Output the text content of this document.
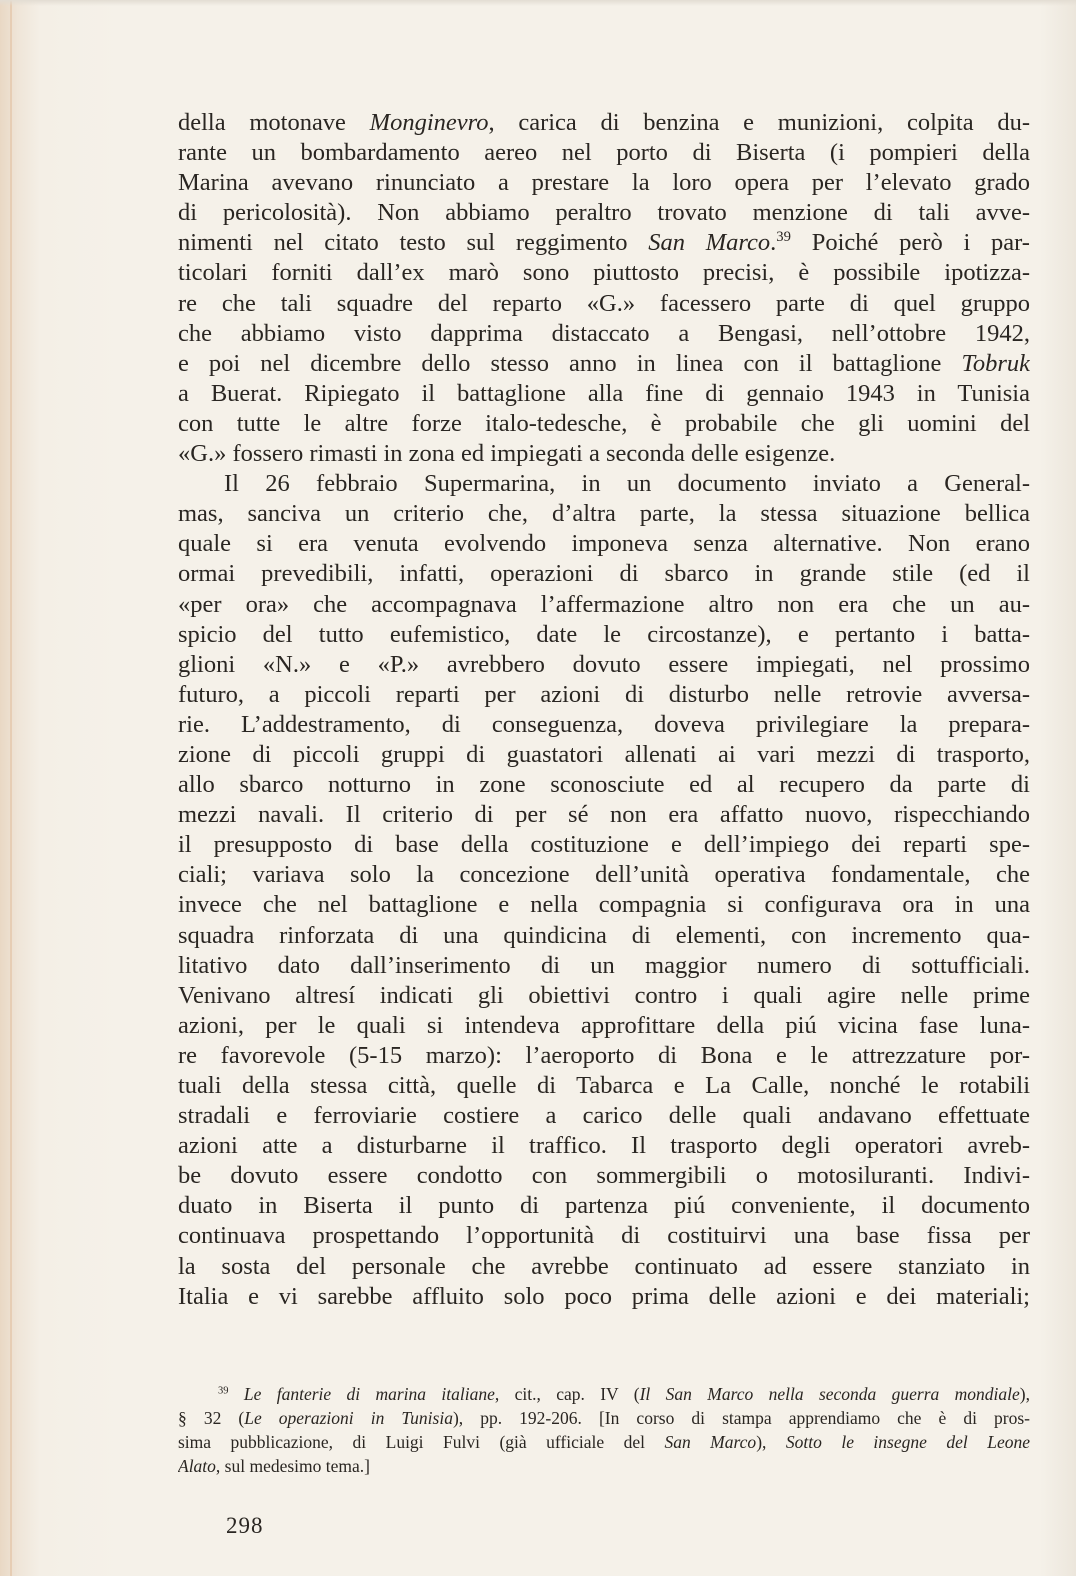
della motonave Monginevro, carica di benzina e munizioni, colpita du-
rante un bombardamento aereo nel porto di Biserta (i pompieri della
Marina avevano rinunciato a prestare la loro opera per l’elevato grado
di pericolosità). Non abbiamo peraltro trovato menzione di tali avve-
nimenti nel citato testo sul reggimento San Marco.$^{39}$ Poiché però i par-
ticolari forniti dall’ex marò sono piuttosto precisi, è possibile ipotizza-
re che tali squadre del reparto «G.» facessero parte di quel gruppo
che abbiamo visto dapprima distaccato a Bengasi, nell’ottobre 1942,
e poi nel dicembre dello stesso anno in linea con il battaglione Tobruk
a Buerat. Ripiegato il battaglione alla fine di gennaio 1943 in Tunisia
con tutte le altre forze italo-tedesche, è probabile che gli uomini del
«G.» fossero rimasti in zona ed impiegati a seconda delle esigenze.
Il 26 febbraio Supermarina, in un documento inviato a General-
mas, sanciva un criterio che, d’altra parte, la stessa situazione bellica
quale si era venuta evolvendo imponeva senza alternative. Non erano
ormai prevedibili, infatti, operazioni di sbarco in grande stile (ed il
«per ora» che accompagnava l’affermazione altro non era che un au-
spicio del tutto eufemistico, date le circostanze), e pertanto i batta-
glioni «N.» e «P.» avrebbero dovuto essere impiegati, nel prossimo
futuro, a piccoli reparti per azioni di disturbo nelle retrovie avversa-
rie. L’addestramento, di conseguenza, doveva privilegiare la prepara-
zione di piccoli gruppi di guastatori allenati ai vari mezzi di trasporto,
allo sbarco notturno in zone sconosciute ed al recupero da parte di
mezzi navali. Il criterio di per sé non era affatto nuovo, rispecchiando
il presupposto di base della costituzione e dell’impiego dei reparti spe-
ciali; variava solo la concezione dell’unità operativa fondamentale, che
invece che nel battaglione e nella compagnia si configurava ora in una
squadra rinforzata di una quindicina di elementi, con incremento qua-
litativo dato dall’inserimento di un maggior numero di sottufficiali.
Venivano altresí indicati gli obiettivi contro i quali agire nelle prime
azioni, per le quali si intendeva approfittare della piú vicina fase luna-
re favorevole (5-15 marzo): l’aeroporto di Bona e le attrezzature por-
tuali della stessa città, quelle di Tabarca e La Calle, nonché le rotabili
stradali e ferroviarie costiere a carico delle quali andavano effettuate
azioni atte a disturbarne il traffico. Il trasporto degli operatori avreb-
be dovuto essere condotto con sommergibili o motosiluranti. Indivi-
duato in Biserta il punto di partenza piú conveniente, il documento
continuava prospettando l’opportunità di costituirvi una base fissa per
la sosta del personale che avrebbe continuato ad essere stanziato in
Italia e vi sarebbe affluito solo poco prima delle azioni e dei materiali;
$^{39}$ Le fanterie di marina italiane, cit., cap. IV (Il San Marco nella seconda guerra mondiale),
§ 32 (Le operazioni in Tunisia), pp. 192-206. [In corso di stampa apprendiamo che è di pros-
sima pubblicazione, di Luigi Fulvi (già ufficiale del San Marco), Sotto le insegne del Leone
Alato, sul medesimo tema.]
298
